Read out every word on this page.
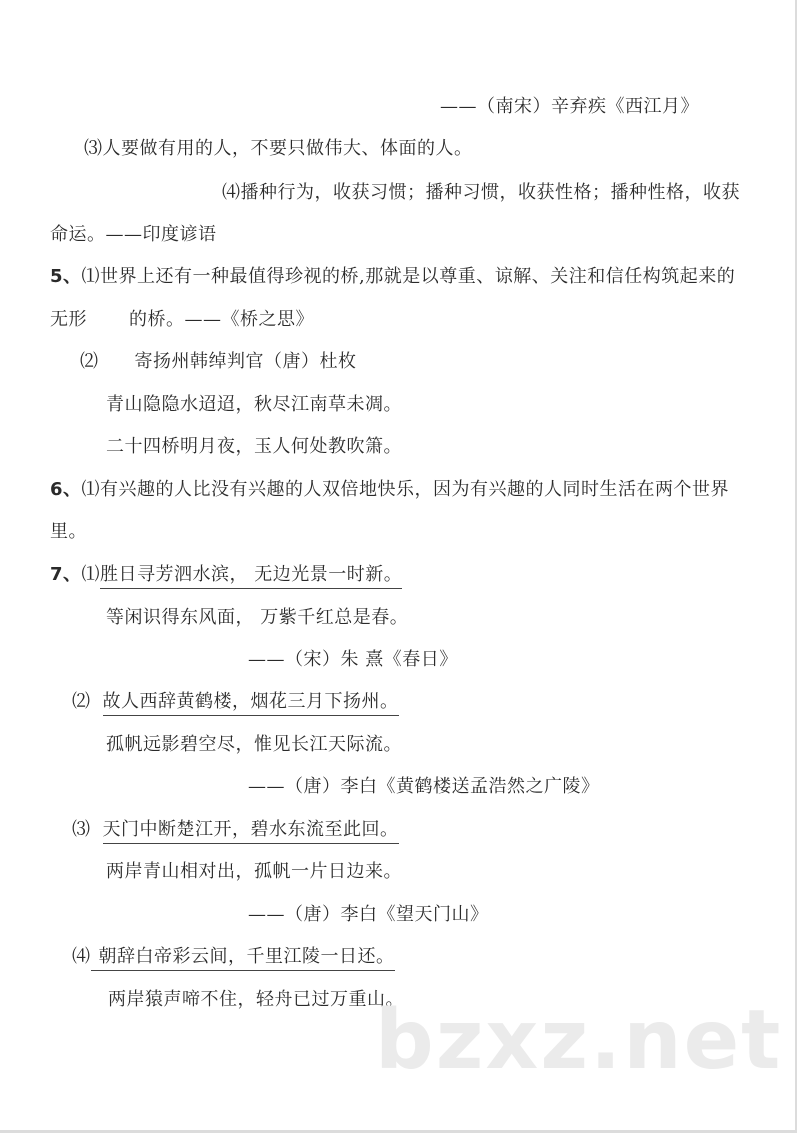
——（南宋）辛弃疾《西江月》
⑶人要做有用的人，不要只做伟大、体面的人。
⑷播种行为，收获习惯；播种习惯，收获性格；播种性格，收获
命运。——印度谚语
5、⑴世界上还有一种最值得珍视的桥,那就是以尊重、谅解、关注和信任构筑起来的
无形 的桥。——《桥之思》
⑵ 寄扬州韩绰判官（唐）杜枚
青山隐隐水迢迢，秋尽江南草未凋。
二十四桥明月夜，玉人何处教吹箫。
6、⑴有兴趣的人比没有兴趣的人双倍地快乐，因为有兴趣的人同时生活在两个世界
里。
7、⑴胜日寻芳泗水滨， 无边光景一时新。
等闲识得东风面， 万紫千红总是春。
——（宋）朱 熹《春日》
⑵ 故人西辞黄鹤楼，烟花三月下扬州。
孤帆远影碧空尽，惟见长江天际流。
——（唐）李白《黄鹤楼送孟浩然之广陵》
⑶ 天门中断楚江开，碧水东流至此回。
两岸青山相对出，孤帆一片日边来。
——（唐）李白《望天门山》
⑷ 朝辞白帝彩云间，千里江陵一日还。
两岸猿声啼不住，轻舟已过万重山。
bzxz.net
